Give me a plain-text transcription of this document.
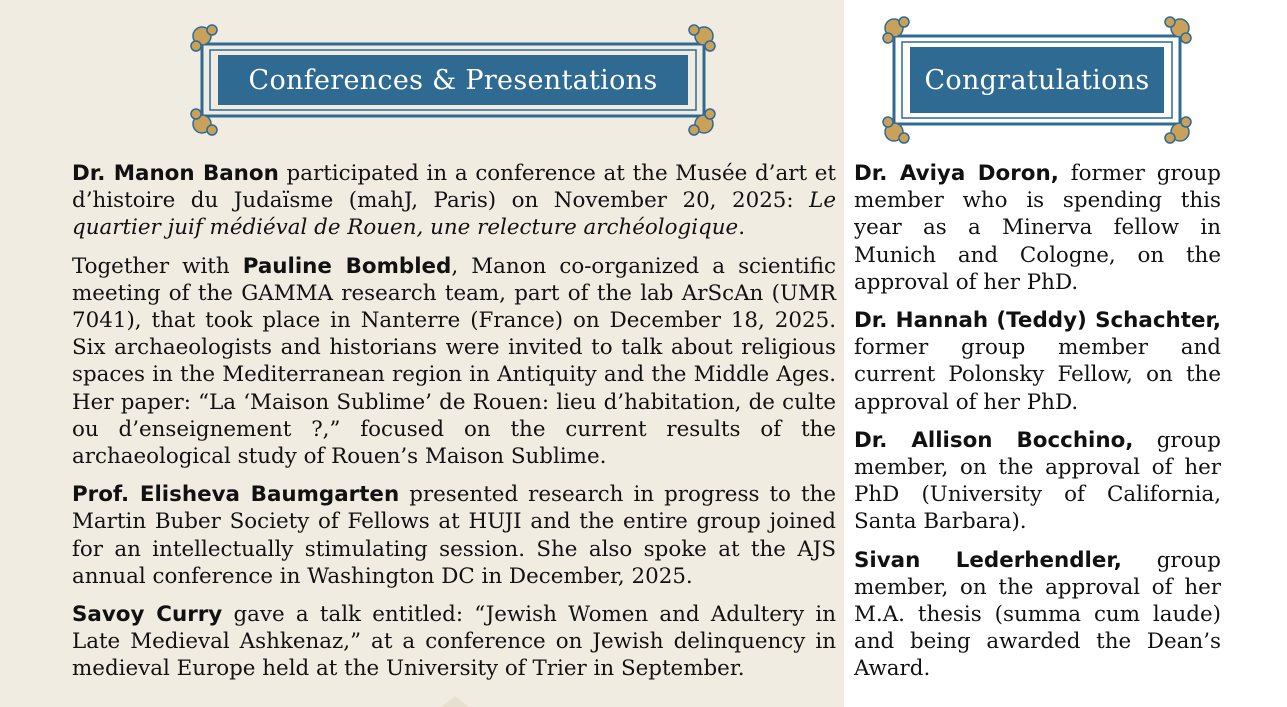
Conferences & Presentations	Congratulations

Dr. Manon Banon participated in a conference at the Musée d’art et d’histoire du Judaïsme (mahJ, Paris) on November 20, 2025: Le quartier juif médiéval de Rouen, une relecture archéologique.

Together with Pauline Bombled, Manon co-organized a scientific meeting of the GAMMA research team, part of the lab ArScAn (UMR 7041), that took place in Nanterre (France) on December 18, 2025. Six archaeologists and historians were invited to talk about religious spaces in the Mediterranean region in Antiquity and the Middle Ages. Her paper: “La ‘Maison Sublime’ de Rouen: lieu d’habitation, de culte ou d’enseignement ?,” focused on the current results of the archaeological study of Rouen’s Maison Sublime.

Prof. Elisheva Baumgarten presented research in progress to the Martin Buber Society of Fellows at HUJI and the entire group joined for an intellectually stimulating session. She also spoke at the AJS annual conference in Washington DC in December, 2025.

Savoy Curry gave a talk entitled: “Jewish Women and Adultery in Late Medieval Ashkenaz,” at a conference on Jewish delinquency in medieval Europe held at the University of Trier in September.

Dr. Aviya Doron, former group member who is spending this year as a Minerva fellow in Munich and Cologne, on the approval of her PhD.

Dr. Hannah (Teddy) Schachter, former group member and current Polonsky Fellow, on the approval of her PhD.

Dr. Allison Bocchino, group member, on the approval of her PhD (University of California, Santa Barbara).

Sivan Lederhendler, group member, on the approval of her M.A. thesis (summa cum laude) and being awarded the Dean’s Award.
